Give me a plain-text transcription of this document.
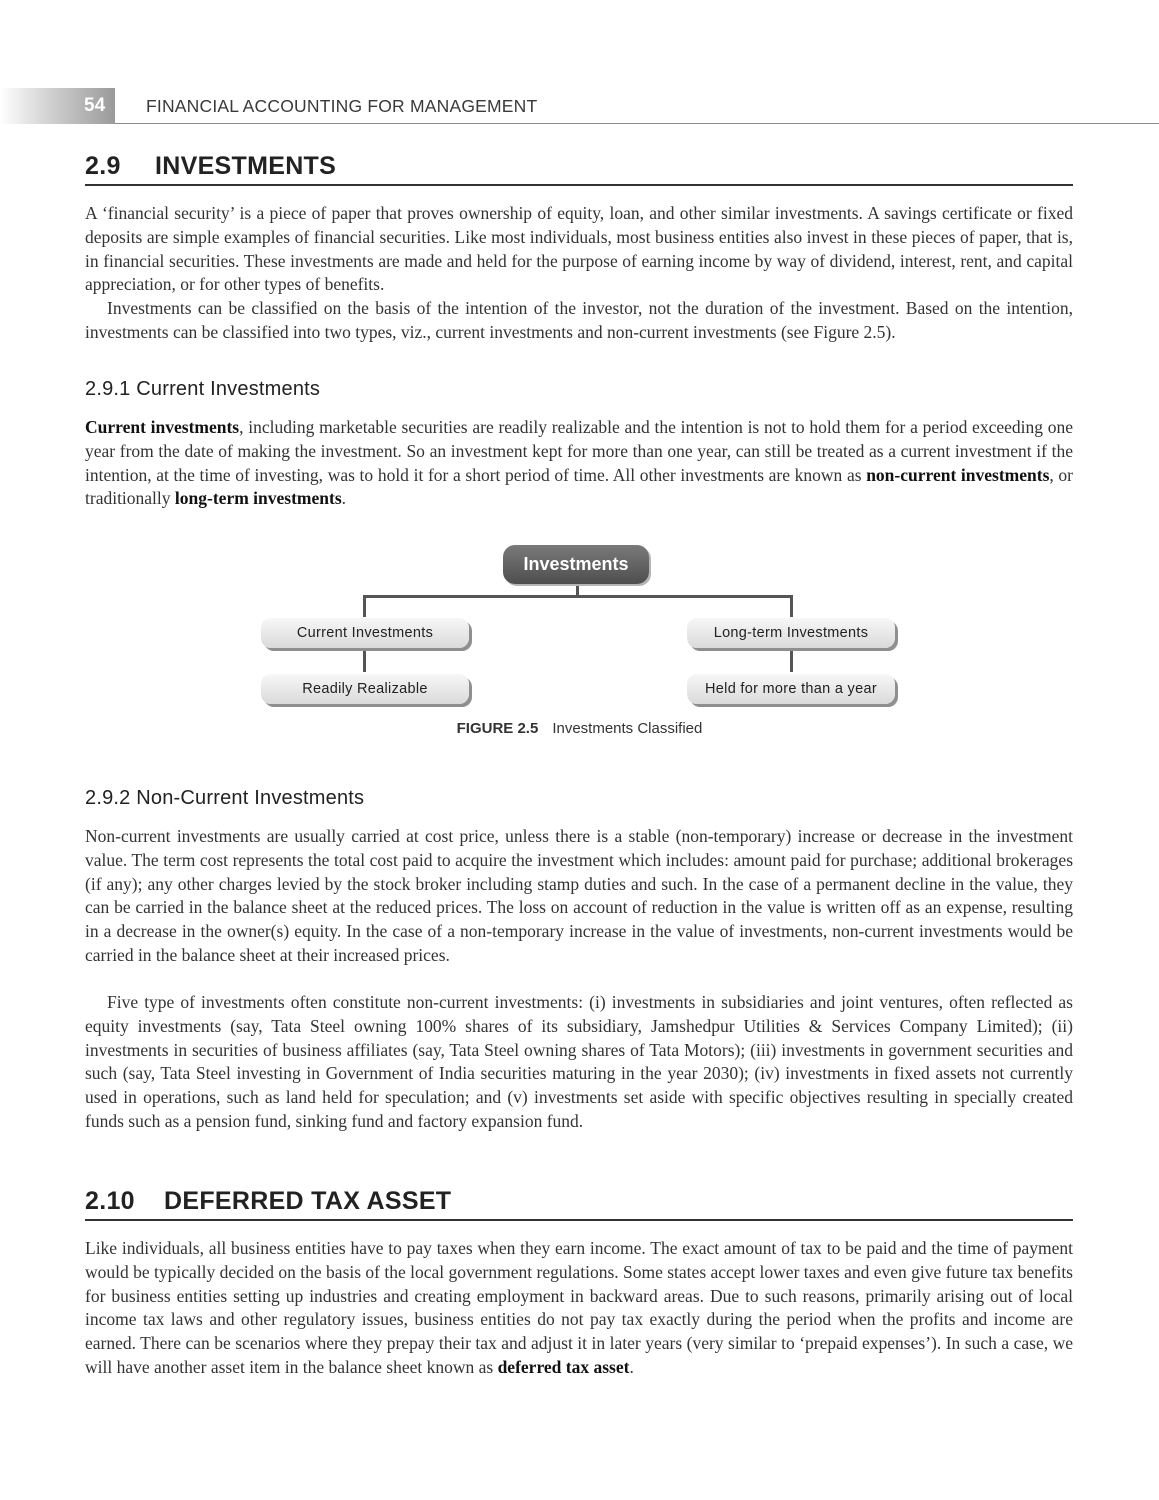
54 FINANCIAL ACCOUNTING FOR MANAGEMENT
2.9 INVESTMENTS

A ‘financial security’ is a piece of paper that proves ownership of equity, loan, and other similar investments. A savings certificate or fixed deposits are simple examples of financial securities. Like most individuals, most business entities also invest in these pieces of paper, that is, in financial securities. These investments are made and held for the purpose of earning income by way of dividend, interest, rent, and capital appreciation, or for other types of benefits.

Investments can be classified on the basis of the intention of the investor, not the duration of the investment. Based on the intention, investments can be classified into two types, viz., current investments and non-current investments (see Figure 2.5).

2.9.1 Current Investments

Current investments, including marketable securities are readily realizable and the intention is not to hold them for a period exceeding one year from the date of making the investment. So an investment kept for more than one year, can still be treated as a current investment if the intention, at the time of investing, was to hold it for a short period of time. All other investments are known as non-current investments, or traditionally long-term investments.

Investments
Current Investments	Long-term Investments
Readily Realizable	Held for more than a year
FIGURE 2.5 Investments Classified
2.9.2 Non-Current Investments

Non-current investments are usually carried at cost price, unless there is a stable (non-temporary) increase or decrease in the investment value. The term cost represents the total cost paid to acquire the investment which includes: amount paid for purchase; additional brokerages (if any); any other charges levied by the stock broker including stamp duties and such. In the case of a permanent decline in the value, they can be carried in the balance sheet at the reduced prices. The loss on account of reduction in the value is written off as an expense, resulting in a decrease in the owner(s) equity. In the case of a non-temporary increase in the value of investments, non-current investments would be carried in the balance sheet at their increased prices.

Five type of investments often constitute non-current investments: (i) investments in subsidiaries and joint ventures, often reflected as equity investments (say, Tata Steel owning 100% shares of its subsidiary, Jamshedpur Utilities & Services Company Limited); (ii) investments in securities of business affiliates (say, Tata Steel owning shares of Tata Motors); (iii) investments in government securities and such (say, Tata Steel investing in Government of India securities maturing in the year 2030); (iv) investments in fixed assets not currently used in operations, such as land held for speculation; and (v) investments set aside with specific objectives resulting in specially created funds such as a pension fund, sinking fund and factory expansion fund.

2.10 DEFERRED TAX ASSET

Like individuals, all business entities have to pay taxes when they earn income. The exact amount of tax to be paid and the time of payment would be typically decided on the basis of the local government regulations. Some states accept lower taxes and even give future tax benefits for business entities setting up industries and creating employment in backward areas. Due to such reasons, primarily arising out of local income tax laws and other regulatory issues, business entities do not pay tax exactly during the period when the profits and income are earned. There can be scenarios where they prepay their tax and adjust it in later years (very similar to ‘prepaid expenses’). In such a case, we will have another asset item in the balance sheet known as deferred tax asset.
